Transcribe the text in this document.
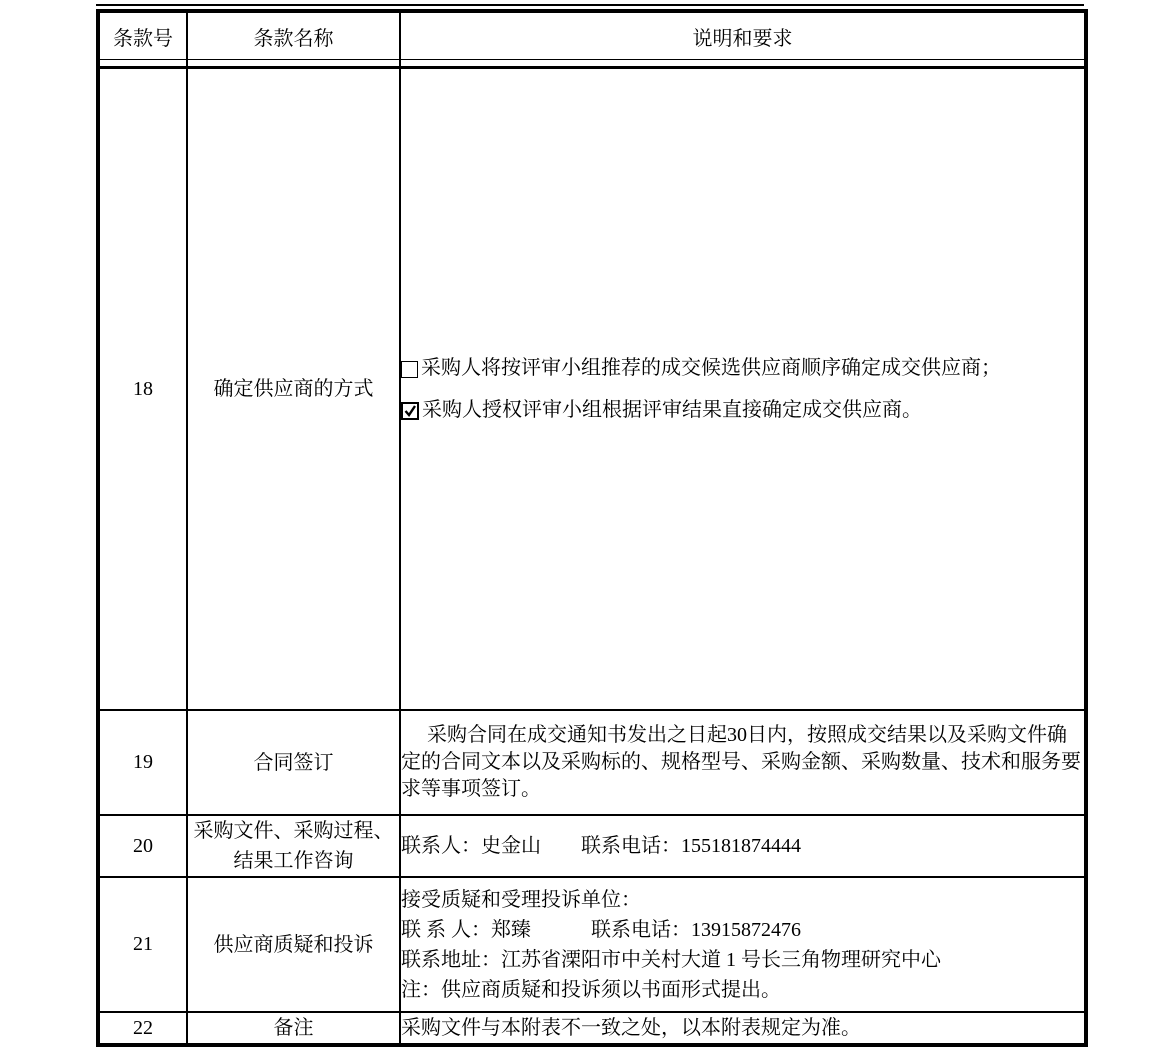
条款号	条款名称	说明和要求

18	确定供应商的方式	采购人将按评审小组推荐的成交候选供应商顺序确定成交供应商；
采购人授权评审小组根据评审结果直接确定成交供应商。

19	合同签订	采购合同在成交通知书发出之日起30日内，按照成交结果以及采购文件确定的合同文本以及采购标的、规格型号、采购金额、采购数量、技术和服务要求等事项签订。
20	采购文件、采购过程、结果工作咨询	联系人：史金山　　联系电话：155181874444
21	供应商质疑和投诉	接受质疑和受理投诉单位：
联 系 人：郑臻　　　联系电话：13915872476
联系地址：江苏省溧阳市中关村大道 1 号长三角物理研究中心
注：供应商质疑和投诉须以书面形式提出。

22	备注	采购文件与本附表不一致之处，以本附表规定为准。
